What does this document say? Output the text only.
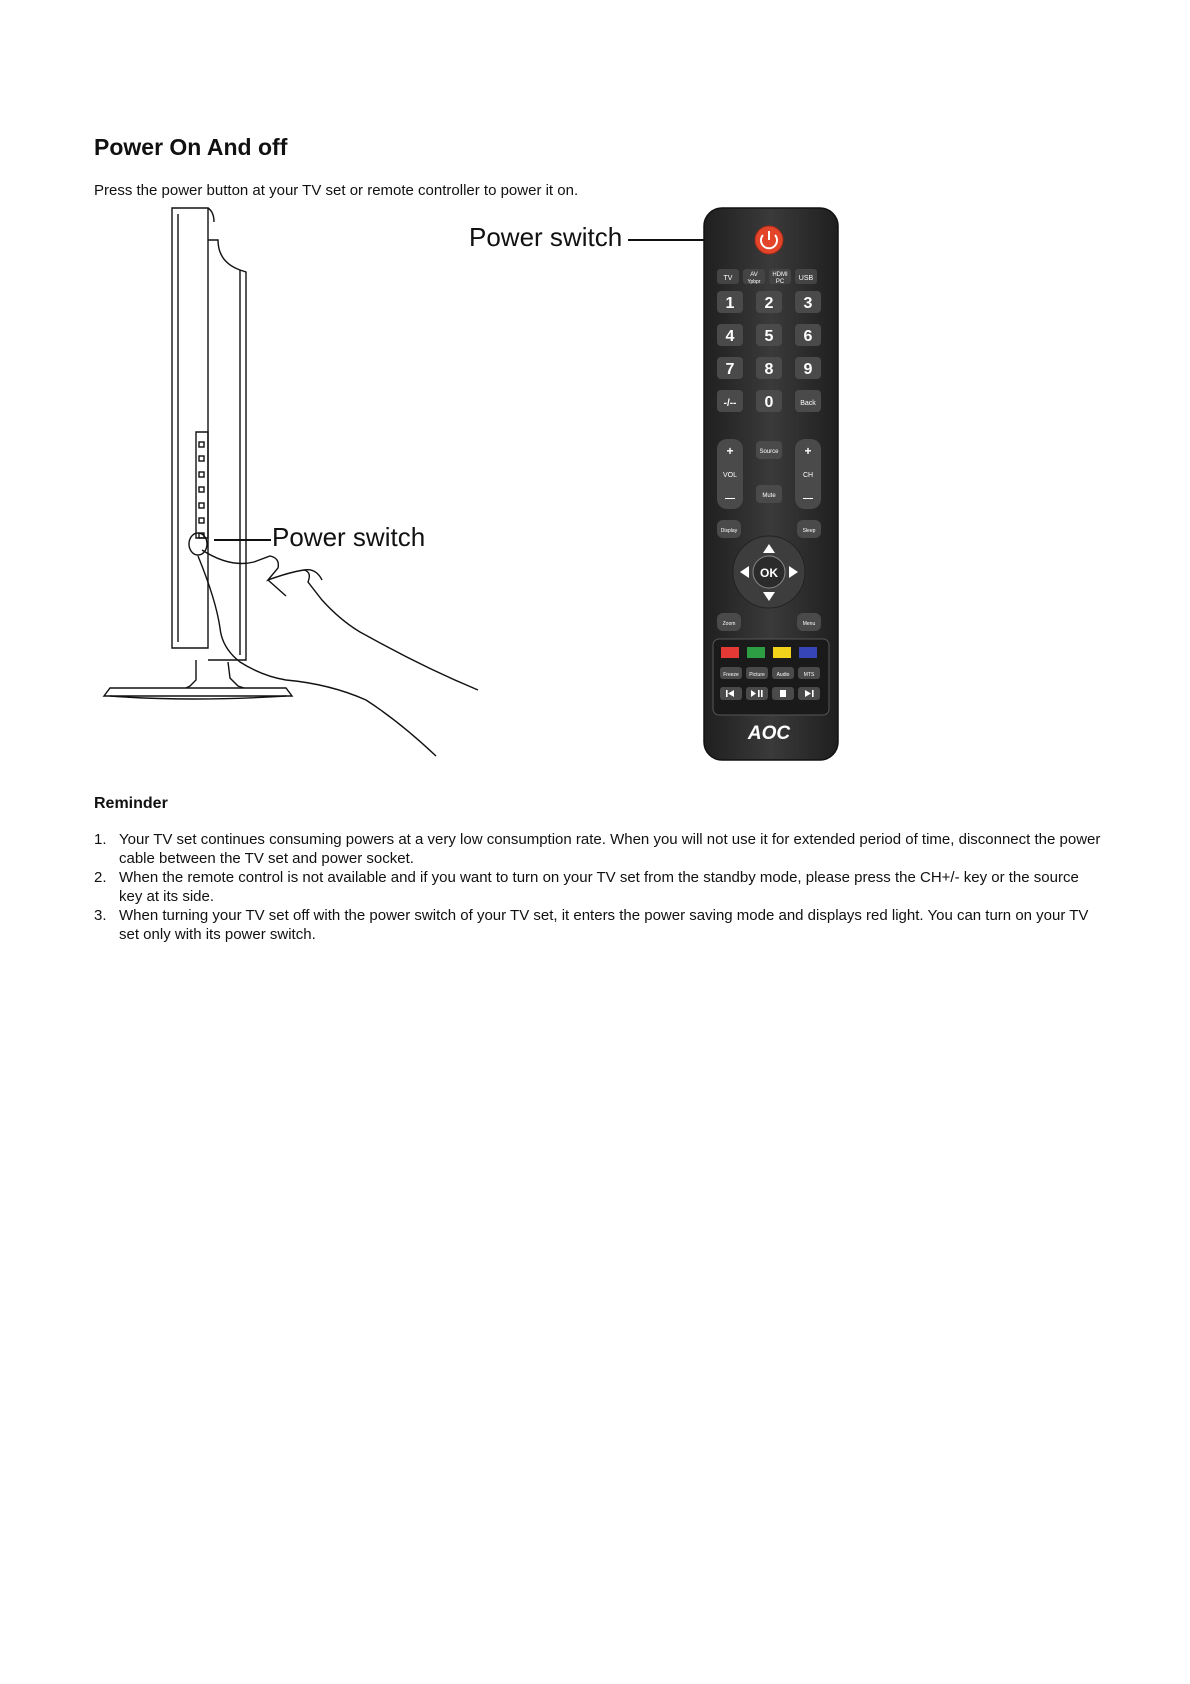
Power On And off

Press the power button at your TV set or remote controller to power it on.

Power switch
Power switch
TV	AV
Ypbpr
HDMI
PC USB
1 2 3
4 5 6
7 8 9
-/-- 0	Back
+
VOL
—
+
CH
—
Source
Mute
Display	Sleep
OK
Zoom	Menu
Freeze Picture Audio	MTS
AOC
Reminder
1. Your TV set continues consuming powers at a very low consumption rate. When you will not use it for extended period of time, disconnect the power cable between the TV set and power socket.
2. When the remote control is not available and if you want to turn on your TV set from the standby mode, please press the CH+/- key or the source key at its side.
3. When turning your TV set off with the power switch of your TV set, it enters the power saving mode and displays red light. You can turn on your TV set only with its power switch.
